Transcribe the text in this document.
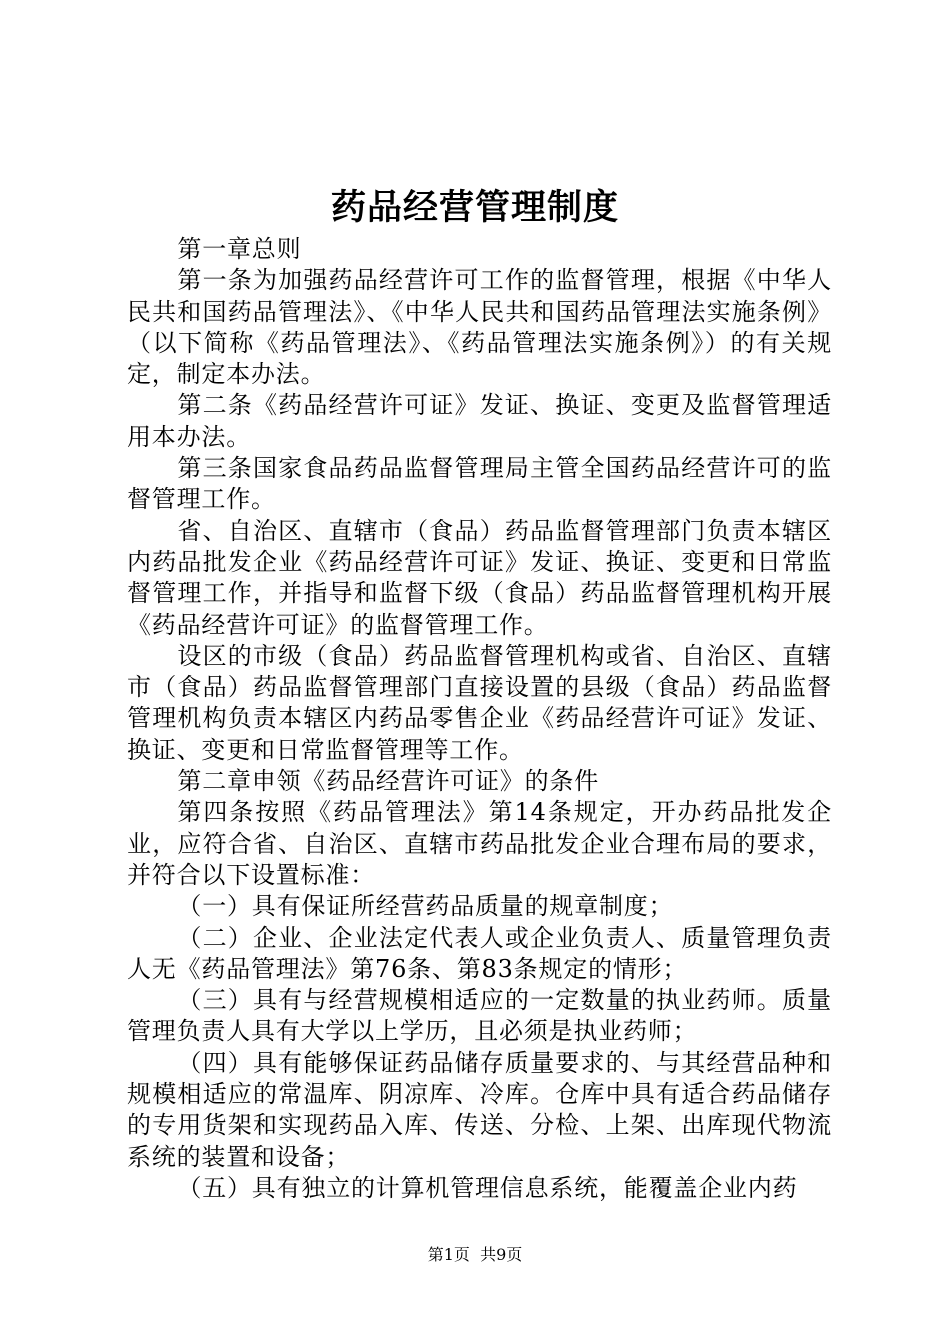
药品经营管理制度

第一章总则

第一条为加强药品经营许可工作的监督管理，根据《中华人民共和国药品管理法》、《中华人民共和国药品管理法实施条例》（以下简称《药品管理法》、《药品管理法实施条例》）的有关规定，制定本办法。

第二条《药品经营许可证》发证、换证、变更及监督管理适用本办法。

第三条国家食品药品监督管理局主管全国药品经营许可的监督管理工作。

省、自治区、直辖市（食品）药品监督管理部门负责本辖区内药品批发企业《药品经营许可证》发证、换证、变更和日常监督管理工作，并指导和监督下级（食品）药品监督管理机构开展《药品经营许可证》的监督管理工作。

设区的市级（食品）药品监督管理机构或省、自治区、直辖市（食品）药品监督管理部门直接设置的县级（食品）药品监督管理机构负责本辖区内药品零售企业《药品经营许可证》发证、换证、变更和日常监督管理等工作。

第二章申领《药品经营许可证》的条件

第四条按照《药品管理法》第14条规定，开办药品批发企业，应符合省、自治区、直辖市药品批发企业合理布局的要求，并符合以下设置标准：

（一）具有保证所经营药品质量的规章制度；

（二）企业、企业法定代表人或企业负责人、质量管理负责人无《药品管理法》第76条、第83条规定的情形；

（三）具有与经营规模相适应的一定数量的执业药师。质量管理负责人具有大学以上学历，且必须是执业药师；

（四）具有能够保证药品储存质量要求的、与其经营品种和规模相适应的常温库、阴凉库、冷库。仓库中具有适合药品储存的专用货架和实现药品入库、传送、分检、上架、出库现代物流系统的装置和设备；

（五）具有独立的计算机管理信息系统，能覆盖企业内药

第1页  共9页
